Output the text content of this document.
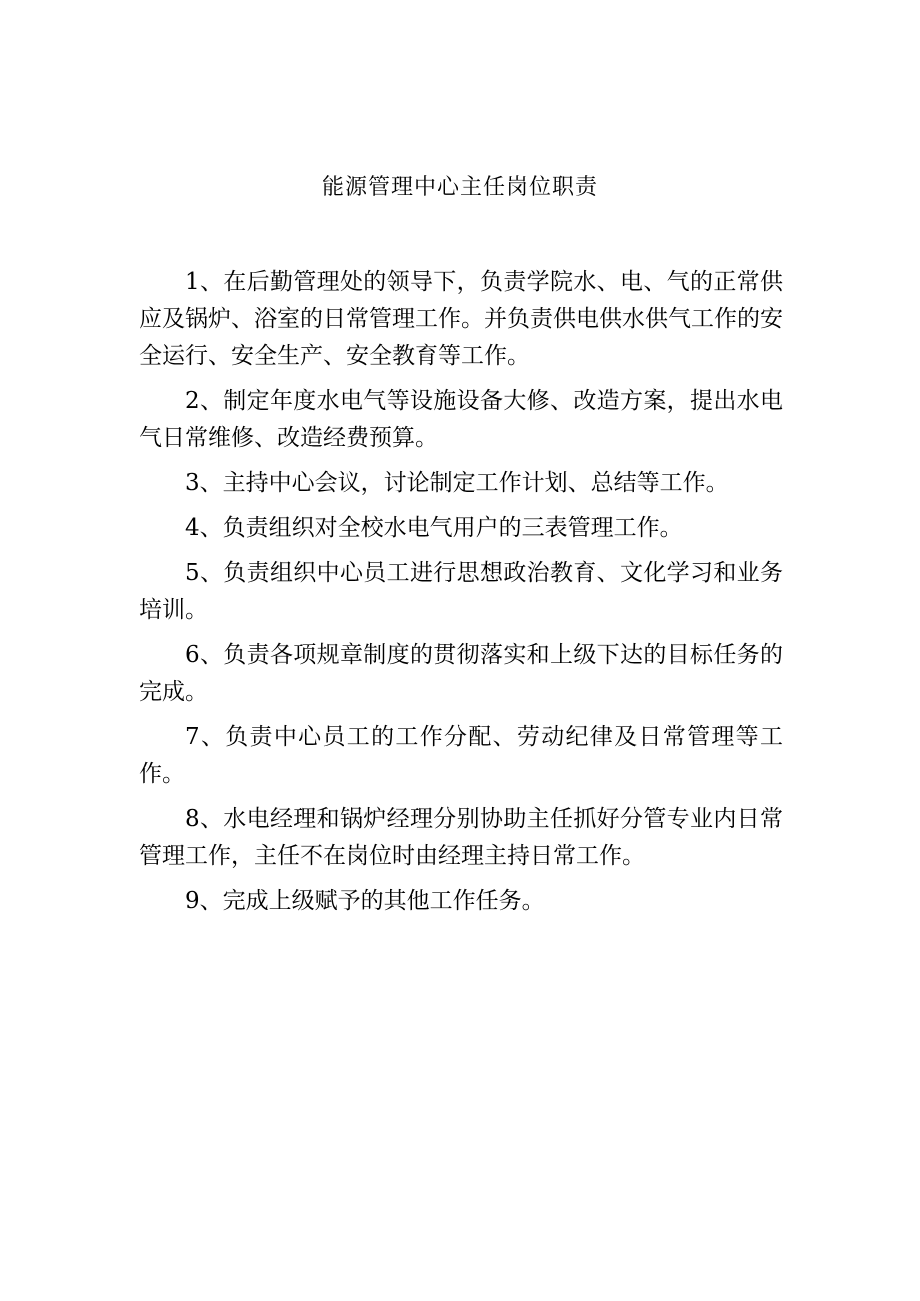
能源管理中心主任岗位职责

1、在后勤管理处的领导下，负责学院水、电、气的正常供应及锅炉、浴室的日常管理工作。并负责供电供水供气工作的安全运行、安全生产、安全教育等工作。

2、制定年度水电气等设施设备大修、改造方案，提出水电气日常维修、改造经费预算。

3、主持中心会议，讨论制定工作计划、总结等工作。

4、负责组织对全校水电气用户的三表管理工作。

5、负责组织中心员工进行思想政治教育、文化学习和业务培训。

6、负责各项规章制度的贯彻落实和上级下达的目标任务的完成。

7、负责中心员工的工作分配、劳动纪律及日常管理等工作。

8、水电经理和锅炉经理分别协助主任抓好分管专业内日常管理工作，主任不在岗位时由经理主持日常工作。

9、完成上级赋予的其他工作任务。
